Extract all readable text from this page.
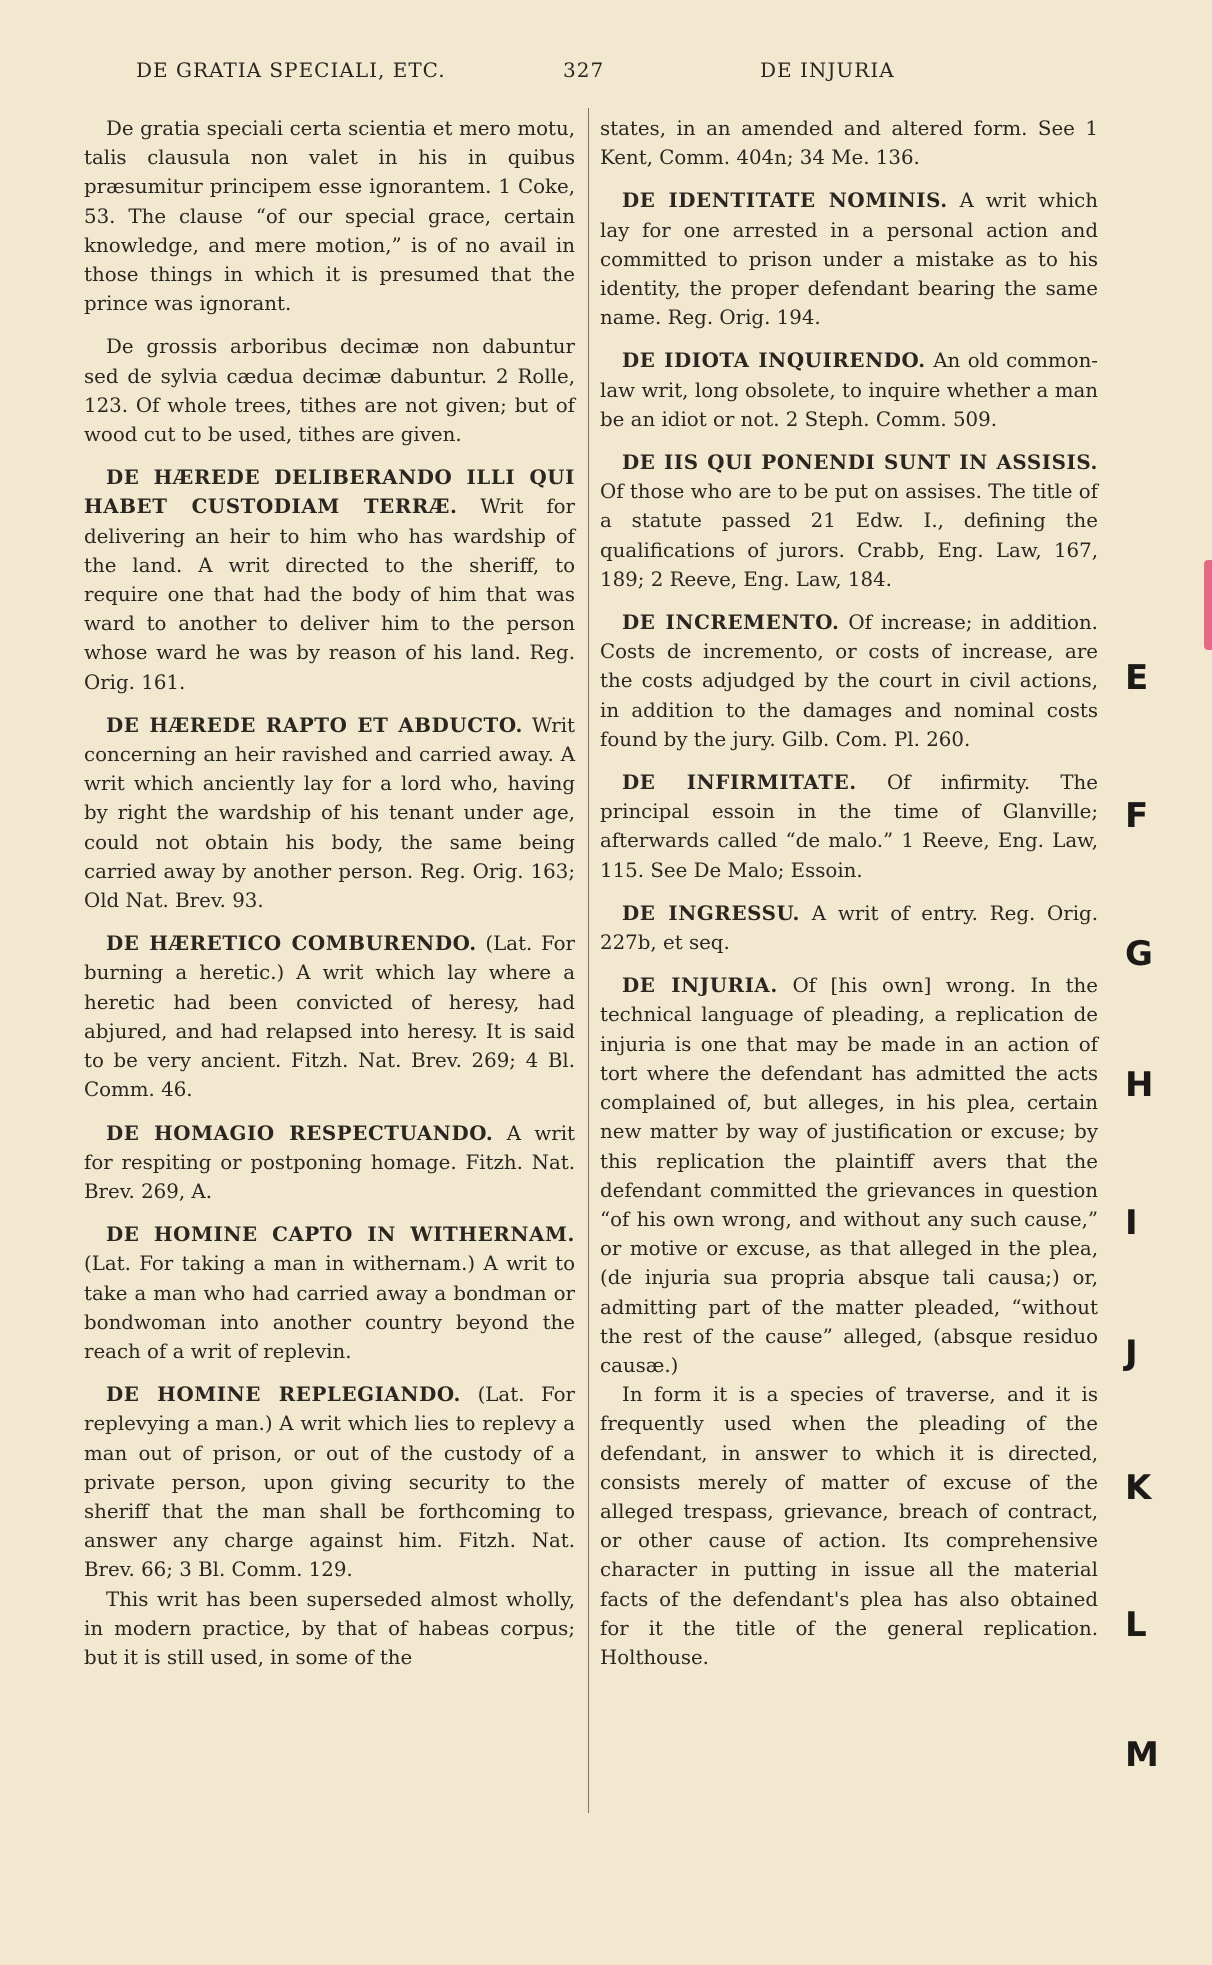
DE GRATIA SPECIALI, ETC.	327	DE INJURIA

De gratia speciali certa scientia et mero motu, talis clausula non valet in his in quibus præsumitur principem esse ignorantem. 1 Coke, 53. The clause “of our special grace, certain knowledge, and mere motion,” is of no avail in those things in which it is presumed that the prince was ignorant.

De grossis arboribus decimæ non dabuntur sed de sylvia cædua decimæ dabuntur. 2 Rolle, 123. Of whole trees, tithes are not given; but of wood cut to be used, tithes are given.

DE HÆREDE DELIBERANDO ILLI QUI HABET CUSTODIAM TERRÆ. Writ for delivering an heir to him who has wardship of the land. A writ directed to the sheriff, to require one that had the body of him that was ward to another to deliver him to the person whose ward he was by reason of his land. Reg. Orig. 161.

DE HÆREDE RAPTO ET ABDUCTO. Writ concerning an heir ravished and carried away. A writ which anciently lay for a lord who, having by right the wardship of his tenant under age, could not obtain his body, the same being carried away by another person. Reg. Orig. 163; Old Nat. Brev. 93.

DE HÆRETICO COMBURENDO. (Lat. For burning a heretic.) A writ which lay where a heretic had been convicted of heresy, had abjured, and had relapsed into heresy. It is said to be very ancient. Fitzh. Nat. Brev. 269; 4 Bl. Comm. 46.

DE HOMAGIO RESPECTUANDO. A writ for respiting or postponing homage. Fitzh. Nat. Brev. 269, A.

DE HOMINE CAPTO IN WITHERNAM. (Lat. For taking a man in withernam.) A writ to take a man who had carried away a bondman or bondwoman into another country beyond the reach of a writ of replevin.

DE HOMINE REPLEGIANDO. (Lat. For replevying a man.) A writ which lies to replevy a man out of prison, or out of the custody of a private person, upon giving security to the sheriff that the man shall be forthcoming to answer any charge against him. Fitzh. Nat. Brev. 66; 3 Bl. Comm. 129.

This writ has been superseded almost wholly, in modern practice, by that of habeas corpus; but it is still used, in some of the

states, in an amended and altered form. See 1 Kent, Comm. 404n; 34 Me. 136.

DE IDENTITATE NOMINIS. A writ which lay for one arrested in a personal action and committed to prison under a mistake as to his identity, the proper defendant bearing the same name. Reg. Orig. 194.

DE IDIOTA INQUIRENDO. An old common-law writ, long obsolete, to inquire whether a man be an idiot or not. 2 Steph. Comm. 509.

DE IIS QUI PONENDI SUNT IN ASSISIS. Of those who are to be put on assises. The title of a statute passed 21 Edw. I., defining the qualifications of jurors. Crabb, Eng. Law, 167, 189; 2 Reeve, Eng. Law, 184.

DE INCREMENTO. Of increase; in addition. Costs de incremento, or costs of increase, are the costs adjudged by the court in civil actions, in addition to the damages and nominal costs found by the jury. Gilb. Com. Pl. 260.

DE INFIRMITATE. Of infirmity. The principal essoin in the time of Glanville; afterwards called “de malo.” 1 Reeve, Eng. Law, 115. See De Malo; Essoin.

DE INGRESSU. A writ of entry. Reg. Orig. 227b, et seq.

DE INJURIA. Of [his own] wrong. In the technical language of pleading, a replication de injuria is one that may be made in an action of tort where the defendant has admitted the acts complained of, but alleges, in his plea, certain new matter by way of justification or excuse; by this replication the plaintiff avers that the defendant committed the grievances in question “of his own wrong, and without any such cause,” or motive or excuse, as that alleged in the plea, (de injuria sua propria absque tali causa;) or, admitting part of the matter pleaded, “without the rest of the cause” alleged, (absque residuo causæ.)

In form it is a species of traverse, and it is frequently used when the pleading of the defendant, in answer to which it is directed, consists merely of matter of excuse of the alleged trespass, grievance, breach of contract, or other cause of action. Its comprehensive character in putting in issue all the material facts of the defendant's plea has also obtained for it the title of the general replication. Holthouse.

E
F
G
H
I
J
K
L
M
